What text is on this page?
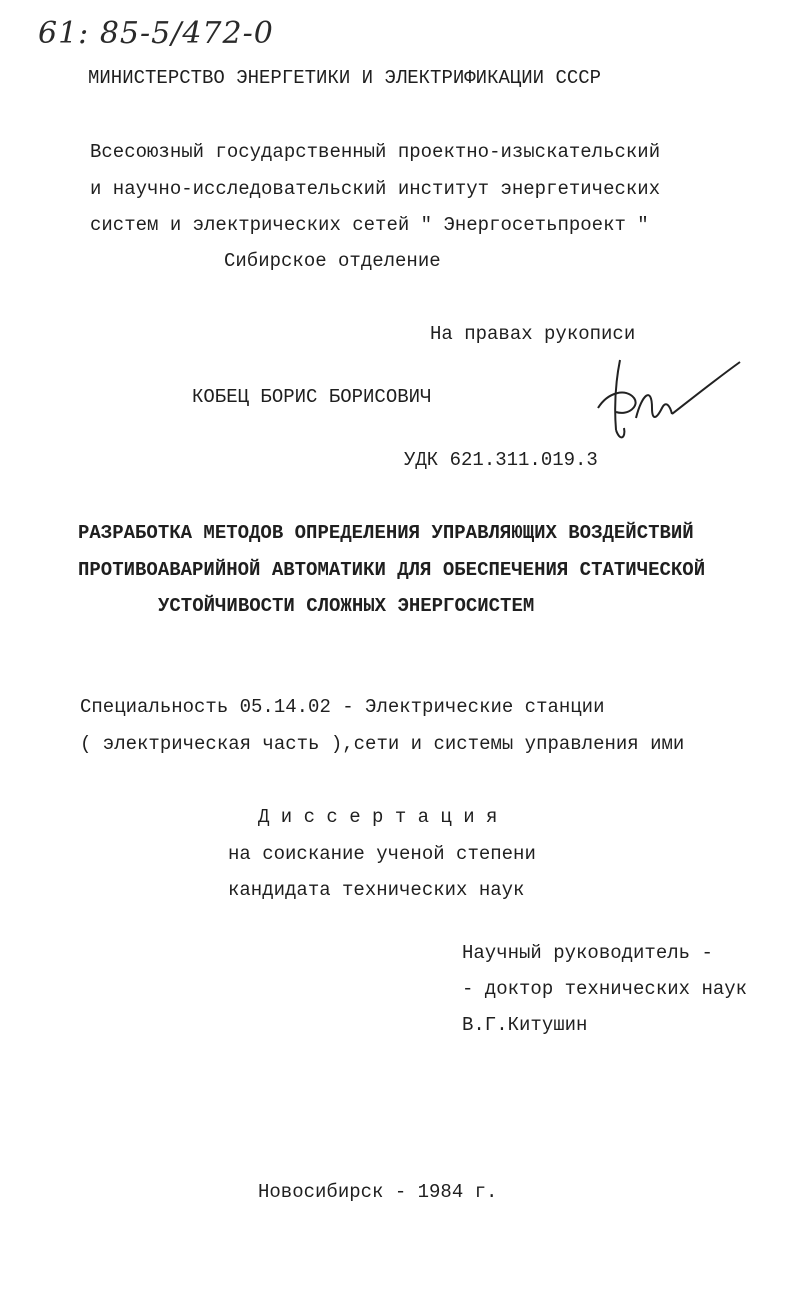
61: 85-5/472-0
МИНИСТЕРСТВО ЭНЕРГЕТИКИ И ЭЛЕКТРИФИКАЦИИ СССР
Всесоюзный государственный проектно-изыскательский
и научно-исследовательский институт энергетических
систем и электрических сетей " Энергосетьпроект "
Сибирское отделение
На правах рукописи
КОБЕЦ БОРИС БОРИСОВИЧ
УДК 621.311.019.3
РАЗРАБОТКА МЕТОДОВ ОПРЕДЕЛЕНИЯ УПРАВЛЯЮЩИХ ВОЗДЕЙСТВИЙ
ПРОТИВОАВАРИЙНОЙ АВТОМАТИКИ ДЛЯ ОБЕСПЕЧЕНИЯ СТАТИЧЕСКОЙ
УСТОЙЧИВОСТИ СЛОЖНЫХ ЭНЕРГОСИСТЕМ
Специальность 05.14.02 - Электрические станции
( электрическая часть ),сети и системы управления ими
Д и с с е р т а ц и я
на соискание ученой степени
кандидата технических наук
Научный руководитель -
- доктор технических наук
В.Г.Китушин
Новосибирск - 1984 г.
